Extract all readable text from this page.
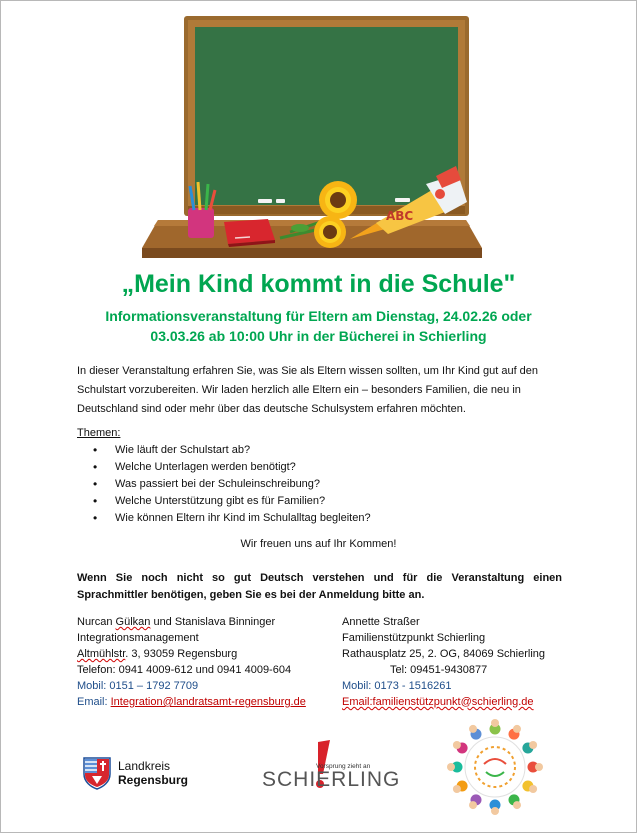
ABC
„Mein Kind kommt in die Schule"
Informationsveranstaltung für Eltern am Dienstag, 24.02.26 oder
03.03.26 ab 10:00 Uhr in der Bücherei in Schierling
In dieser Veranstaltung erfahren Sie, was Sie als Eltern wissen sollten, um Ihr Kind gut auf den
Schulstart vorzubereiten. Wir laden herzlich alle Eltern ein – besonders Familien, die neu in
Deutschland sind oder mehr über das deutsche Schulsystem erfahren möchten.
Themen:
• Wie läuft der Schulstart ab?
• Welche Unterlagen werden benötigt?
• Was passiert bei der Schuleinschreibung?
• Welche Unterstützung gibt es für Familien?
• Wie können Eltern ihr Kind im Schulalltag begleiten?
Wir freuen uns auf Ihr Kommen!
Wenn Sie noch nicht so gut Deutsch verstehen und für die Veranstaltung einen
Sprachmittler benötigen, geben Sie es bei der Anmeldung bitte an.
Nurcan Gülkan und Stanislava Binninger
Integrationsmanagement
Altmühlstr. 3, 93059 Regensburg
Telefon: 0941 4009-612 und 0941 4009-604
Mobil: 0151 – 1792 7709
Email: Integration@landratsamt-regensburg.de
Annette Straßer
Familienstützpunkt Schierling
Rathausplatz 25, 2. OG, 84069 Schierling
Tel: 09451-9430877
Mobil: 0173 - 1516261
Email:familienstützpunkt@schierling.de
Landkreis
Regensburg
Vorsprung zieht an
SCHIERLING
